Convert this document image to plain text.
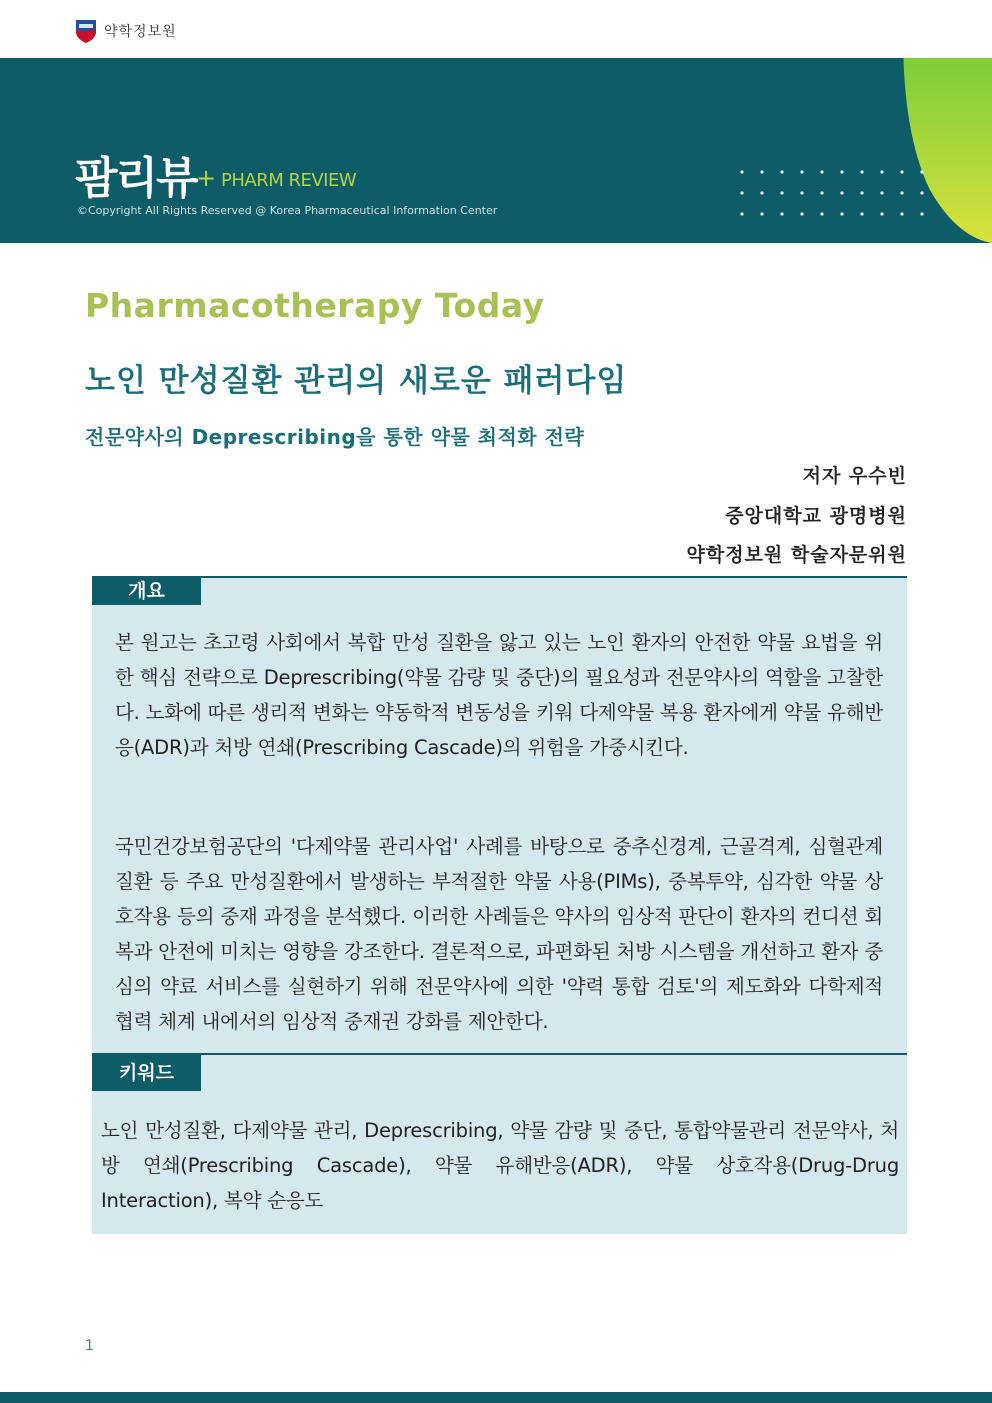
약학정보원
팜리뷰 + PHARM REVIEW
©Copyright All Rights Reserved @ Korea Pharmaceutical Information Center
Pharmacotherapy Today
노인 만성질환 관리의 새로운 패러다임
전문약사의 Deprescribing을 통한 약물 최적화 전략
저자 우수빈
중앙대학교 광명병원
약학정보원 학술자문위원
개요

본 원고는 초고령 사회에서 복합 만성 질환을 앓고 있는 노인 환자의 안전한 약물 요법을 위한 핵심 전략으로 Deprescribing(약물 감량 및 중단)의 필요성과 전문약사의 역할을 고찰한다. 노화에 따른 생리적 변화는 약동학적 변동성을 키워 다제약물 복용 환자에게 약물 유해반응(ADR)과 처방 연쇄(Prescribing Cascade)의 위험을 가중시킨다.

국민건강보험공단의 '다제약물 관리사업' 사례를 바탕으로 중추신경계, 근골격계, 심혈관계 질환 등 주요 만성질환에서 발생하는 부적절한 약물 사용(PIMs), 중복투약, 심각한 약물 상호작용 등의 중재 과정을 분석했다. 이러한 사례들은 약사의 임상적 판단이 환자의 컨디션 회복과 안전에 미치는 영향을 강조한다. 결론적으로, 파편화된 처방 시스템을 개선하고 환자 중심의 약료 서비스를 실현하기 위해 전문약사에 의한 '약력 통합 검토'의 제도화와 다학제적 협력 체계 내에서의 임상적 중재권 강화를 제안한다.

키워드

노인 만성질환, 다제약물 관리, Deprescribing, 약물 감량 및 중단, 통합약물관리 전문약사, 처방 연쇄(Prescribing Cascade), 약물 유해반응(ADR), 약물 상호작용(Drug-Drug Interaction), 복약 순응도

1
